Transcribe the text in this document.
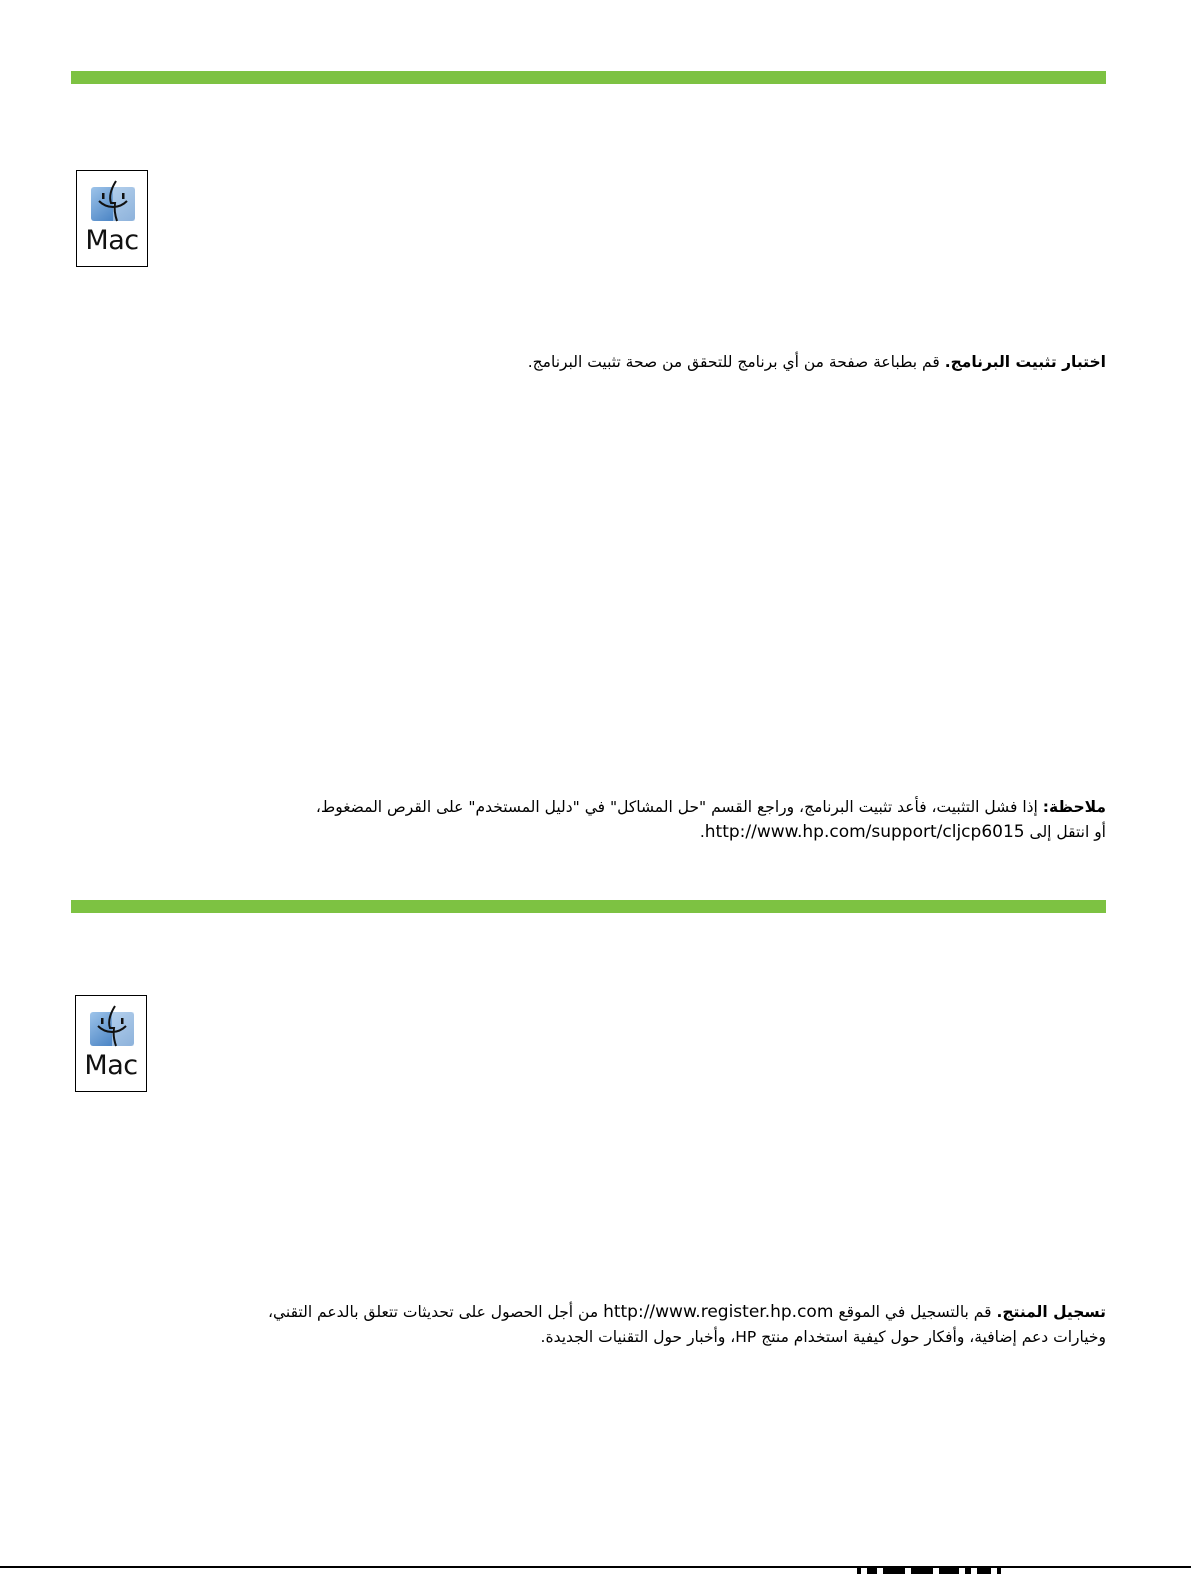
Mac
اختبار تثبيت البرنامج. قم بطباعة صفحة من أي برنامج للتحقق من صحة تثبيت البرنامج.
ملاحظة: إذا فشل التثبيت، فأعد تثبيت البرنامج، وراجع القسم "حل المشاكل" في "دليل المستخدم" على القرص المضغوط،
أو انتقل إلى http://www.hp.com/support/cljcp6015.
Mac
تسجيل المنتج. قم بالتسجيل في الموقع http://www.register.hp.com من أجل الحصول على تحديثات تتعلق بالدعم التقني،
وخيارات دعم إضافية، وأفكار حول كيفية استخدام منتج HP، وأخبار حول التقنيات الجديدة.
